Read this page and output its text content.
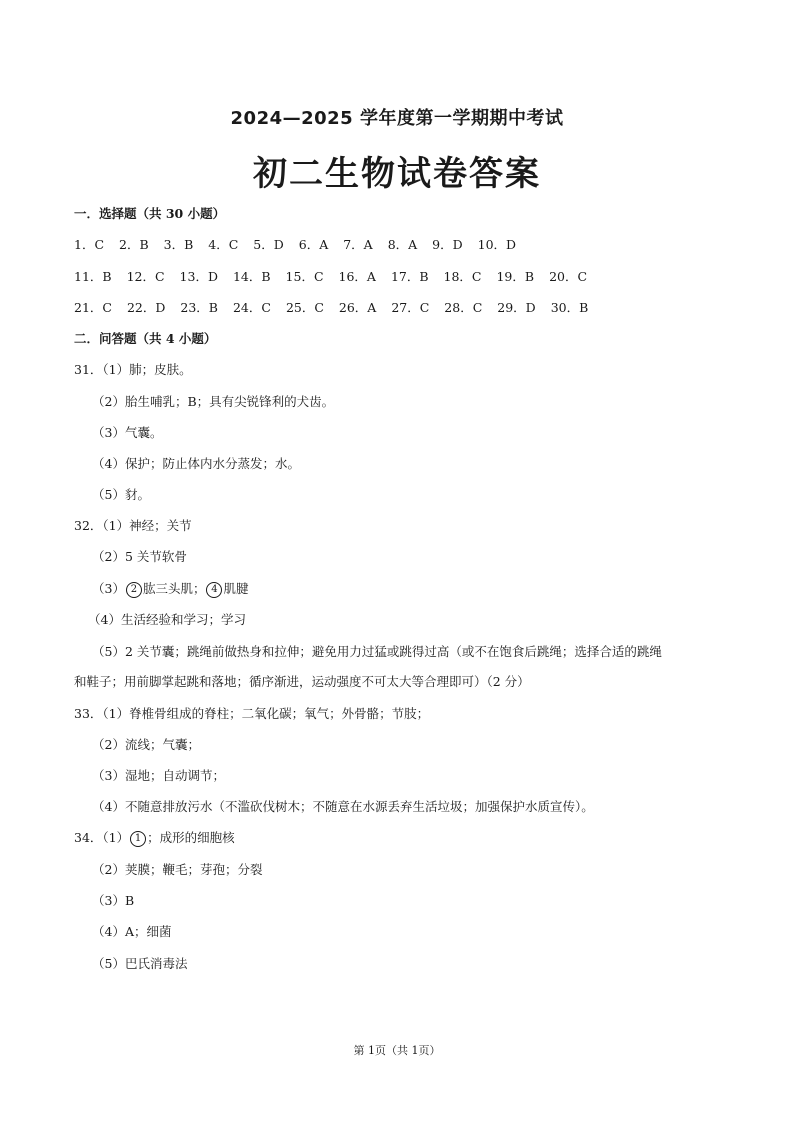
2024—2025 学年度第一学期期中考试
初二生物试卷答案
一．选择题（共 30 小题）
1．C 2．B 3．B 4．C 5．D 6．A 7．A 8．A 9．D 10．D
11．B 12．C 13．D 14．B 15．C 16．A 17．B 18．C 19．B 20．C
21．C 22．D 23．B 24．C 25．C 26．A 27．C 28．C 29．D 30．B
二．问答题（共 4 小题）
31．（1）肺；皮肤。
（2）胎生哺乳；B；具有尖锐锋利的犬齿。
（3）气囊。
（4）保护；防止体内水分蒸发；水。
（5）豺。
32．（1）神经；关节
（2）5 关节软骨
（3） 2 肱三头肌； 4 肌腱
（4）生活经验和学习；学习
（5）2 关节囊；跳绳前做热身和拉伸；避免用力过猛或跳得过高（或不在饱食后跳绳；选择合适的跳绳
和鞋子；用前脚掌起跳和落地；循序渐进，运动强度不可太大等合理即可）（2 分）
33．（1）脊椎骨组成的脊柱；二氧化碳；氧气；外骨骼；节肢；
（2）流线；气囊；
（3）湿地；自动调节；
（4）不随意排放污水（不滥砍伐树木；不随意在水源丢弃生活垃圾；加强保护水质宣传）。
34．（1） 1 ；成形的细胞核
（2）荚膜；鞭毛；芽孢；分裂
（3）B
（4）A；细菌
（5）巴氏消毒法
第 1页（共 1页）
